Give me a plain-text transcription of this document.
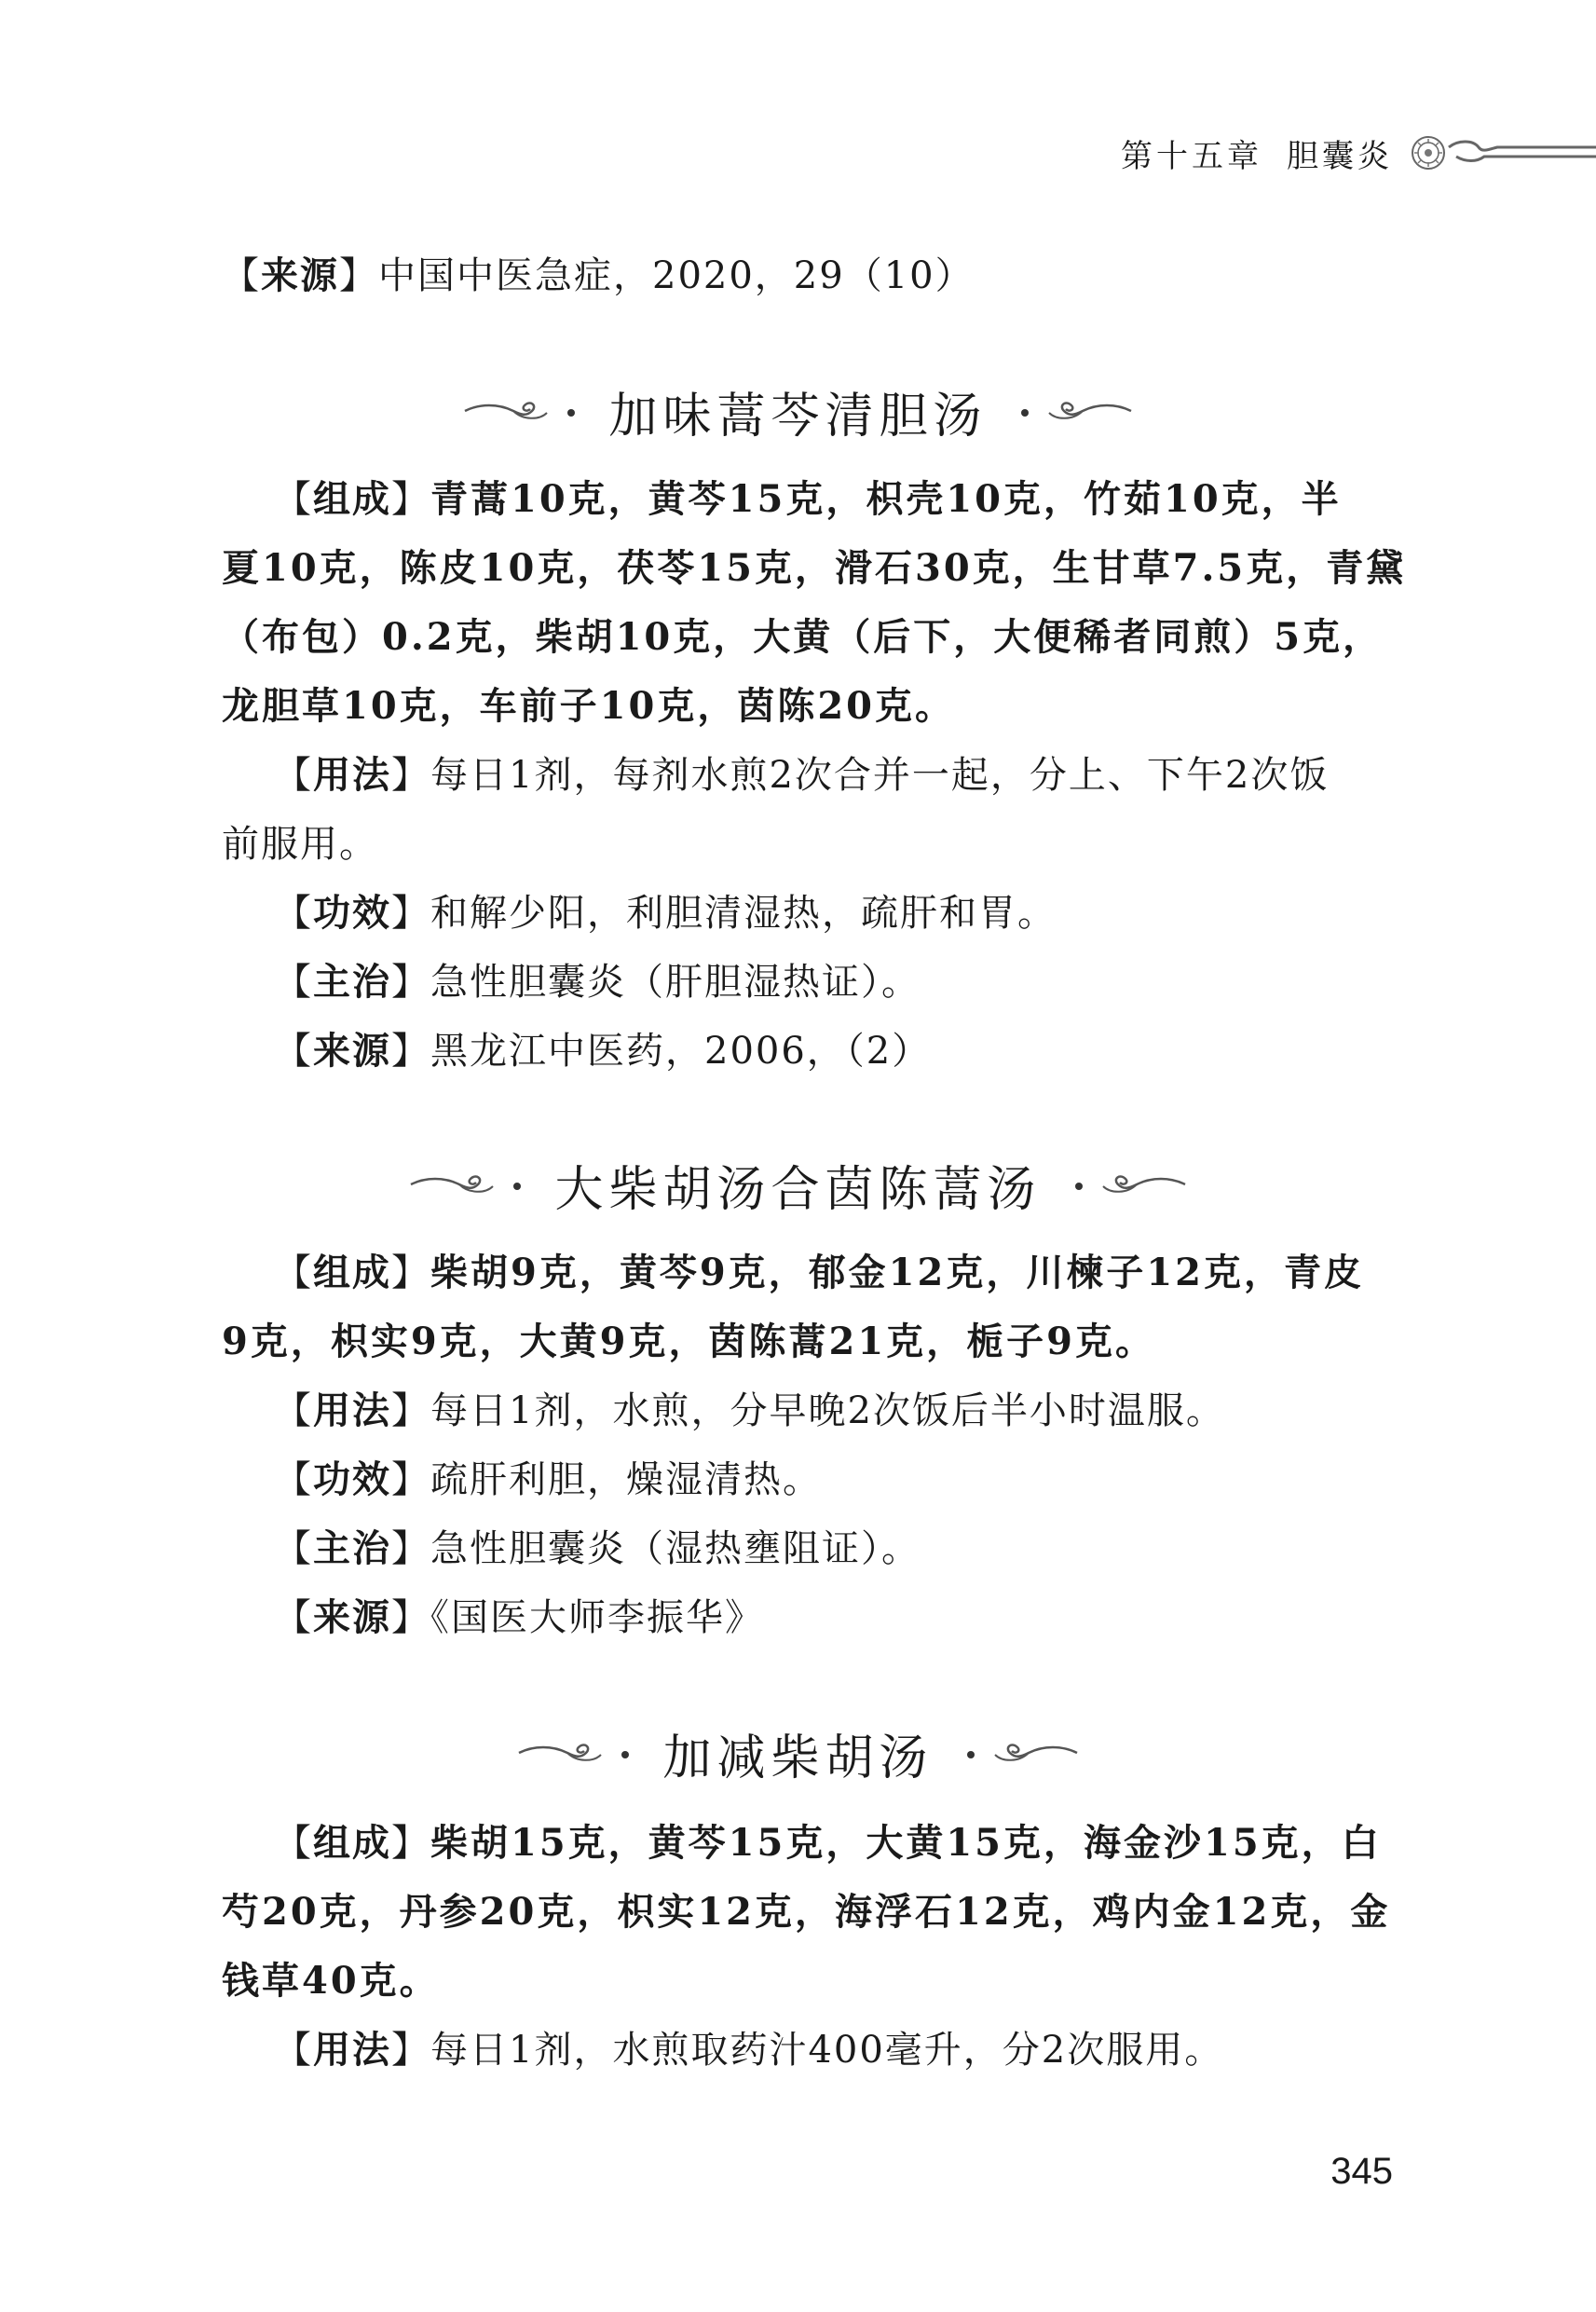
第十五章 胆囊炎
【来源】中国中医急症，2020，29（10）
加味蒿芩清胆汤
【组成】青蒿10克，黄芩15克，枳壳10克，竹茹10克，半
夏10克，陈皮10克，茯苓15克，滑石30克，生甘草7.5克，青黛
（布包）0.2克，柴胡10克，大黄（后下，大便稀者同煎）5克，
龙胆草10克，车前子10克，茵陈20克。
【用法】每日1剂，每剂水煎2次合并一起，分上、下午2次饭
前服用。
【功效】和解少阳，利胆清湿热，疏肝和胃。
【主治】急性胆囊炎（肝胆湿热证）。
【来源】黑龙江中医药，2006，（2）
大柴胡汤合茵陈蒿汤
【组成】柴胡9克，黄芩9克，郁金12克，川楝子12克，青皮
9克，枳实9克，大黄9克，茵陈蒿21克，栀子9克。
【用法】每日1剂，水煎，分早晚2次饭后半小时温服。
【功效】疏肝利胆，燥湿清热。
【主治】急性胆囊炎（湿热壅阻证）。
【来源】《国医大师李振华》
加减柴胡汤
【组成】柴胡15克，黄芩15克，大黄15克，海金沙15克，白
芍20克，丹参20克，枳实12克，海浮石12克，鸡内金12克，金
钱草40克。
【用法】每日1剂，水煎取药汁400毫升，分2次服用。
345
